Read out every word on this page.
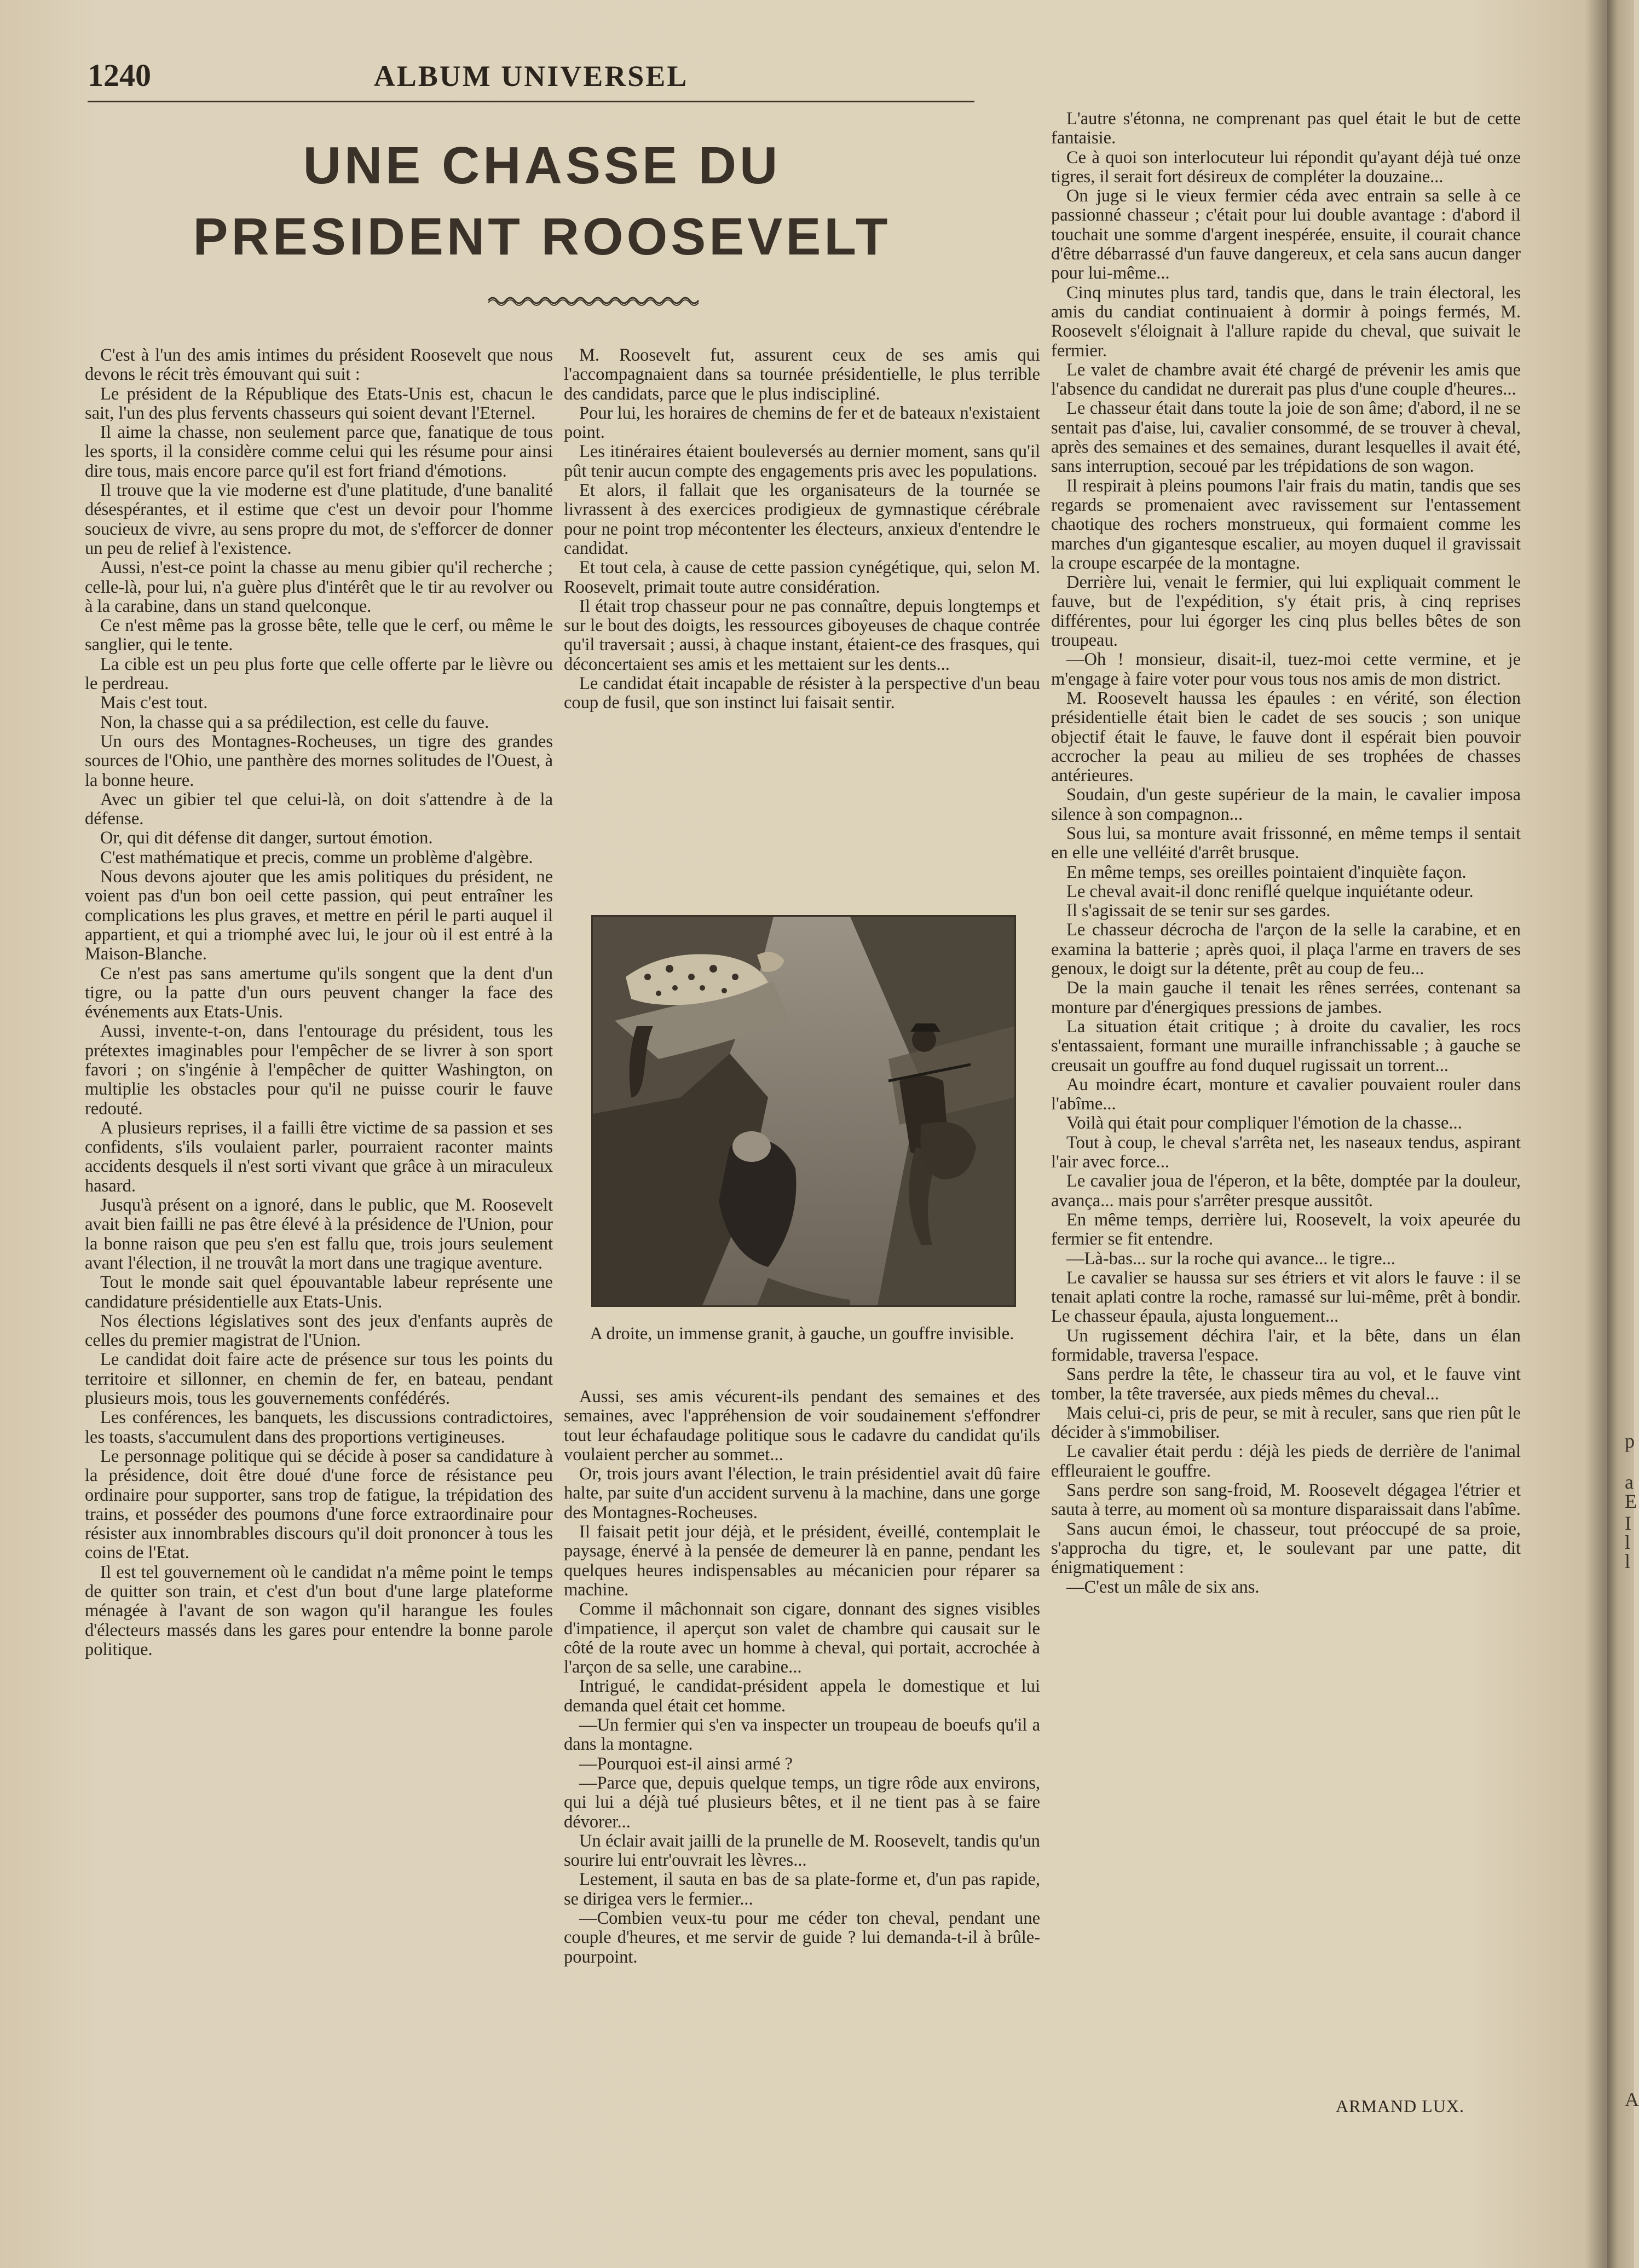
p
a
E
I
l
l
A
1240	ALBUM UNIVERSEL
UNE CHASSE DU
PRESIDENT ROOSEVELT

C'est à l'un des amis intimes du président Roosevelt que nous devons le récit très émouvant qui suit :

Le président de la République des Etats-Unis est, chacun le sait, l'un des plus fervents chasseurs qui soient devant l'Eternel.

Il aime la chasse, non seulement parce que, fanatique de tous les sports, il la considère comme celui qui les résume pour ainsi dire tous, mais encore parce qu'il est fort friand d'émotions.

Il trouve que la vie moderne est d'une platitude, d'une banalité désespérantes, et il estime que c'est un devoir pour l'homme soucieux de vivre, au sens propre du mot, de s'efforcer de donner un peu de relief à l'existence.

Aussi, n'est-ce point la chasse au menu gibier qu'il recherche ; celle-là, pour lui, n'a guère plus d'intérêt que le tir au revolver ou à la carabine, dans un stand quelconque.

Ce n'est même pas la grosse bête, telle que le cerf, ou même le sanglier, qui le tente.

La cible est un peu plus forte que celle offerte par le lièvre ou le perdreau.

Mais c'est tout.

Non, la chasse qui a sa prédilection, est celle du fauve.

Un ours des Montagnes-Rocheuses, un tigre des grandes sources de l'Ohio, une panthère des mornes solitudes de l'Ouest, à la bonne heure.

Avec un gibier tel que celui-là, on doit s'attendre à de la défense.

Or, qui dit défense dit danger, surtout émotion.

C'est mathématique et precis, comme un problème d'algèbre.

Nous devons ajouter que les amis politiques du président, ne voient pas d'un bon oeil cette passion, qui peut entraîner les complications les plus graves, et mettre en péril le parti auquel il appartient, et qui a triomphé avec lui, le jour où il est entré à la Maison-Blanche.

Ce n'est pas sans amertume qu'ils songent que la dent d'un tigre, ou la patte d'un ours peuvent changer la face des événements aux Etats-Unis.

Aussi, invente-t-on, dans l'entourage du président, tous les prétextes imaginables pour l'empêcher de se livrer à son sport favori ; on s'ingénie à l'empêcher de quitter Washington, on multiplie les obstacles pour qu'il ne puisse courir le fauve redouté.

A plusieurs reprises, il a failli être victime de sa passion et ses confidents, s'ils voulaient parler, pourraient raconter maints accidents desquels il n'est sorti vivant que grâce à un miraculeux hasard.

Jusqu'à présent on a ignoré, dans le public, que M. Roosevelt avait bien failli ne pas être élevé à la présidence de l'Union, pour la bonne raison que peu s'en est fallu que, trois jours seulement avant l'élection, il ne trouvât la mort dans une tragique aventure.

Tout le monde sait quel épouvantable labeur représente une candidature présidentielle aux Etats-Unis.

Nos élections législatives sont des jeux d'enfants auprès de celles du premier magistrat de l'Union.

Le candidat doit faire acte de présence sur tous les points du territoire et sillonner, en chemin de fer, en bateau, pendant plusieurs mois, tous les gouvernements confédérés.

Les conférences, les banquets, les discussions contradictoires, les toasts, s'accumulent dans des proportions vertigineuses.

Le personnage politique qui se décide à poser sa candidature à la présidence, doit être doué d'une force de résistance peu ordinaire pour supporter, sans trop de fatigue, la trépidation des trains, et posséder des poumons d'une force extraordinaire pour résister aux innombrables discours qu'il doit prononcer à tous les coins de l'Etat.

Il est tel gouvernement où le candidat n'a même point le temps de quitter son train, et c'est d'un bout d'une large plateforme ménagée à l'avant de son wagon qu'il harangue les foules d'électeurs massés dans les gares pour entendre la bonne parole politique.

M. Roosevelt fut, assurent ceux de ses amis qui l'accompagnaient dans sa tournée présidentielle, le plus terrible des candidats, parce que le plus indiscipliné.

Pour lui, les horaires de chemins de fer et de bateaux n'existaient point.

Les itinéraires étaient bouleversés au dernier moment, sans qu'il pût tenir aucun compte des engagements pris avec les populations.

Et alors, il fallait que les organisateurs de la tournée se livrassent à des exercices prodigieux de gymnastique cérébrale pour ne point trop mécontenter les électeurs, anxieux d'entendre le candidat.

Et tout cela, à cause de cette passion cynégétique, qui, selon M. Roosevelt, primait toute autre considération.

Il était trop chasseur pour ne pas connaître, depuis longtemps et sur le bout des doigts, les ressources giboyeuses de chaque contrée qu'il traversait ; aussi, à chaque instant, étaient-ce des frasques, qui déconcertaient ses amis et les mettaient sur les dents...

Le candidat était incapable de résister à la perspective d'un beau coup de fusil, que son instinct lui faisait sentir.

A droite, un immense granit, à gauche, un gouffre invisible.

Aussi, ses amis vécurent-ils pendant des semaines et des semaines, avec l'appréhension de voir soudainement s'effondrer tout leur échafaudage politique sous le cadavre du candidat qu'ils voulaient percher au sommet...

Or, trois jours avant l'élection, le train présidentiel avait dû faire halte, par suite d'un accident survenu à la machine, dans une gorge des Montagnes-Rocheuses.

Il faisait petit jour déjà, et le président, éveillé, contemplait le paysage, énervé à la pensée de demeurer là en panne, pendant les quelques heures indispensables au mécanicien pour réparer sa machine.

Comme il mâchonnait son cigare, donnant des signes visibles d'impatience, il aperçut son valet de chambre qui causait sur le côté de la route avec un homme à cheval, qui portait, accrochée à l'arçon de sa selle, une carabine...

Intrigué, le candidat-président appela le domestique et lui demanda quel était cet homme.

—Un fermier qui s'en va inspecter un troupeau de boeufs qu'il a dans la montagne.

—Pourquoi est-il ainsi armé ?

—Parce que, depuis quelque temps, un tigre rôde aux environs, qui lui a déjà tué plusieurs bêtes, et il ne tient pas à se faire dévorer...

Un éclair avait jailli de la prunelle de M. Roosevelt, tandis qu'un sourire lui entr'ouvrait les lèvres...

Lestement, il sauta en bas de sa plate-forme et, d'un pas rapide, se dirigea vers le fermier...

—Combien veux-tu pour me céder ton cheval, pendant une couple d'heures, et me servir de guide ? lui demanda-t-il à brûle-pourpoint.

L'autre s'étonna, ne comprenant pas quel était le but de cette fantaisie.

Ce à quoi son interlocuteur lui répondit qu'ayant déjà tué onze tigres, il serait fort désireux de compléter la douzaine...

On juge si le vieux fermier céda avec entrain sa selle à ce passionné chasseur ; c'était pour lui double avantage : d'abord il touchait une somme d'argent inespérée, ensuite, il courait chance d'être débarrassé d'un fauve dangereux, et cela sans aucun danger pour lui-même...

Cinq minutes plus tard, tandis que, dans le train électoral, les amis du candiat continuaient à dormir à poings fermés, M. Roosevelt s'éloignait à l'allure rapide du cheval, que suivait le fermier.

Le valet de chambre avait été chargé de prévenir les amis que l'absence du candidat ne durerait pas plus d'une couple d'heures...

Le chasseur était dans toute la joie de son âme; d'abord, il ne se sentait pas d'aise, lui, cavalier consommé, de se trouver à cheval, après des semaines et des semaines, durant lesquelles il avait été, sans interruption, secoué par les trépidations de son wagon.

Il respirait à pleins poumons l'air frais du matin, tandis que ses regards se promenaient avec ravissement sur l'entassement chaotique des rochers monstrueux, qui formaient comme les marches d'un gigantesque escalier, au moyen duquel il gravissait la croupe escarpée de la montagne.

Derrière lui, venait le fermier, qui lui expliquait comment le fauve, but de l'expédition, s'y était pris, à cinq reprises différentes, pour lui égorger les cinq plus belles bêtes de son troupeau.

—Oh ! monsieur, disait-il, tuez-moi cette vermine, et je m'engage à faire voter pour vous tous nos amis de mon district.

M. Roosevelt haussa les épaules : en vérité, son élection présidentielle était bien le cadet de ses soucis ; son unique objectif était le fauve, le fauve dont il espérait bien pouvoir accrocher la peau au milieu de ses trophées de chasses antérieures.

Soudain, d'un geste supérieur de la main, le cavalier imposa silence à son compagnon...

Sous lui, sa monture avait frissonné, en même temps il sentait en elle une velléité d'arrêt brusque.

En même temps, ses oreilles pointaient d'inquiète façon.

Le cheval avait-il donc reniflé quelque inquiétante odeur.

Il s'agissait de se tenir sur ses gardes.

Le chasseur décrocha de l'arçon de la selle la carabine, et en examina la batterie ; après quoi, il plaça l'arme en travers de ses genoux, le doigt sur la détente, prêt au coup de feu...

De la main gauche il tenait les rênes serrées, contenant sa monture par d'énergiques pressions de jambes.

La situation était critique ; à droite du cavalier, les rocs s'entassaient, formant une muraille infranchissable ; à gauche se creusait un gouffre au fond duquel rugissait un torrent...

Au moindre écart, monture et cavalier pouvaient rouler dans l'abîme...

Voilà qui était pour compliquer l'émotion de la chasse...

Tout à coup, le cheval s'arrêta net, les naseaux tendus, aspirant l'air avec force...

Le cavalier joua de l'éperon, et la bête, domptée par la douleur, avança... mais pour s'arrêter presque aussitôt.

En même temps, derrière lui, Roosevelt, la voix apeurée du fermier se fit entendre.

—Là-bas... sur la roche qui avance... le tigre...

Le cavalier se haussa sur ses étriers et vit alors le fauve : il se tenait aplati contre la roche, ramassé sur lui-même, prêt à bondir. Le chasseur épaula, ajusta longuement...

Un rugissement déchira l'air, et la bête, dans un élan formidable, traversa l'espace.

Sans perdre la tête, le chasseur tira au vol, et le fauve vint tomber, la tête traversée, aux pieds mêmes du cheval...

Mais celui-ci, pris de peur, se mit à reculer, sans que rien pût le décider à s'immobiliser.

Le cavalier était perdu : déjà les pieds de derrière de l'animal effleuraient le gouffre.

Sans perdre son sang-froid, M. Roosevelt dégagea l'étrier et sauta à terre, au moment où sa monture disparaissait dans l'abîme.

Sans aucun émoi, le chasseur, tout préoccupé de sa proie, s'approcha du tigre, et, le soulevant par une patte, dit énigmatiquement :

—C'est un mâle de six ans.

ARMAND LUX.
